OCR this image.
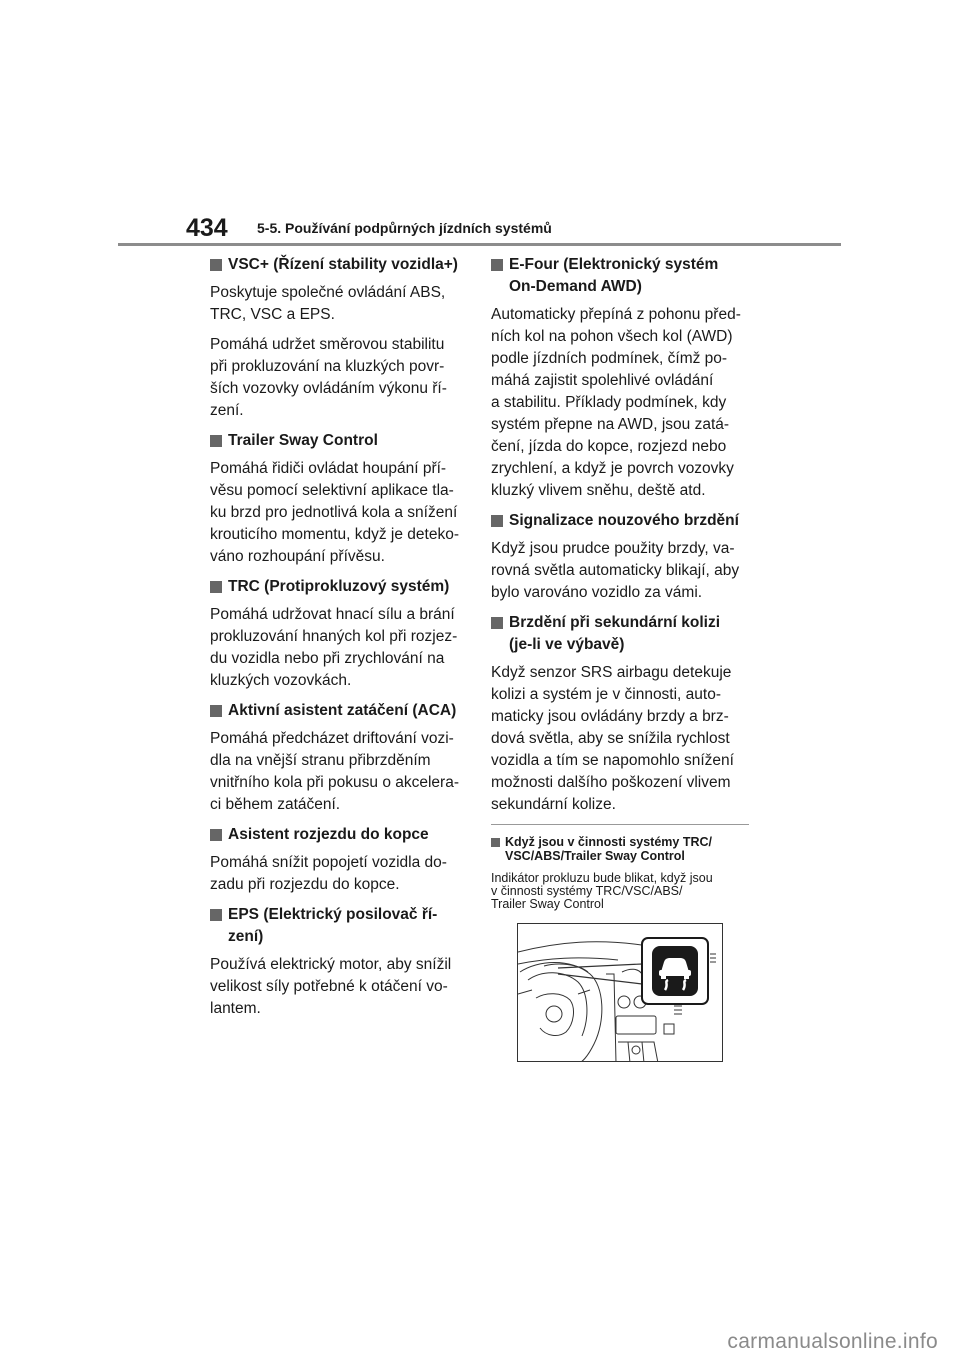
434 5-5. Používání podpůrných jízdních systémů
VSC+ (Řízení stability vozidla+)
Poskytuje společné ovládání ABS,
TRC, VSC a EPS.
Pomáhá udržet směrovou stabilitu
při prokluzování na kluzkých povr-
ších vozovky ovládáním výkonu ří-
zení.
Trailer Sway Control
Pomáhá řidiči ovládat houpání pří-
věsu pomocí selektivní aplikace tla-
ku brzd pro jednotlivá kola a snížení
krouticího momentu, když je deteko-
váno rozhoupání přívěsu.
TRC (Protiprokluzový systém)
Pomáhá udržovat hnací sílu a brání
prokluzování hnaných kol při rozjez-
du vozidla nebo při zrychlování na
kluzkých vozovkách.
Aktivní asistent zatáčení (ACA)
Pomáhá předcházet driftování vozi-
dla na vnější stranu přibrzděním
vnitřního kola při pokusu o akcelera-
ci během zatáčení.
Asistent rozjezdu do kopce
Pomáhá snížit popojetí vozidla do-
zadu při rozjezdu do kopce.
EPS (Elektrický posilovač ří-
zení)
Používá elektrický motor, aby snížil
velikost síly potřebné k otáčení vo-
lantem.
E-Four (Elektronický systém
On-Demand AWD)
Automaticky přepíná z pohonu před-
ních kol na pohon všech kol (AWD)
podle jízdních podmínek, čímž po-
máhá zajistit spolehlivé ovládání
a stabilitu. Příklady podmínek, kdy
systém přepne na AWD, jsou zatá-
čení, jízda do kopce, rozjezd nebo
zrychlení, a když je povrch vozovky
kluzký vlivem sněhu, deště atd.
Signalizace nouzového brzdění
Když jsou prudce použity brzdy, va-
rovná světla automaticky blikají, aby
bylo varováno vozidlo za vámi.
Brzdění při sekundární kolizi
(je-li ve výbavě)
Když senzor SRS airbagu detekuje
kolizi a systém je v činnosti, auto-
maticky jsou ovládány brzdy a brz-
dová světla, aby se snížila rychlost
vozidla a tím se napomohlo snížení
možnosti dalšího poškození vlivem
sekundární kolize.
Když jsou v činnosti systémy TRC/
VSC/ABS/Trailer Sway Control
Indikátor prokluzu bude blikat, když jsou
v činnosti systémy TRC/VSC/ABS/
Trailer Sway Control
carmanualsonline.info
